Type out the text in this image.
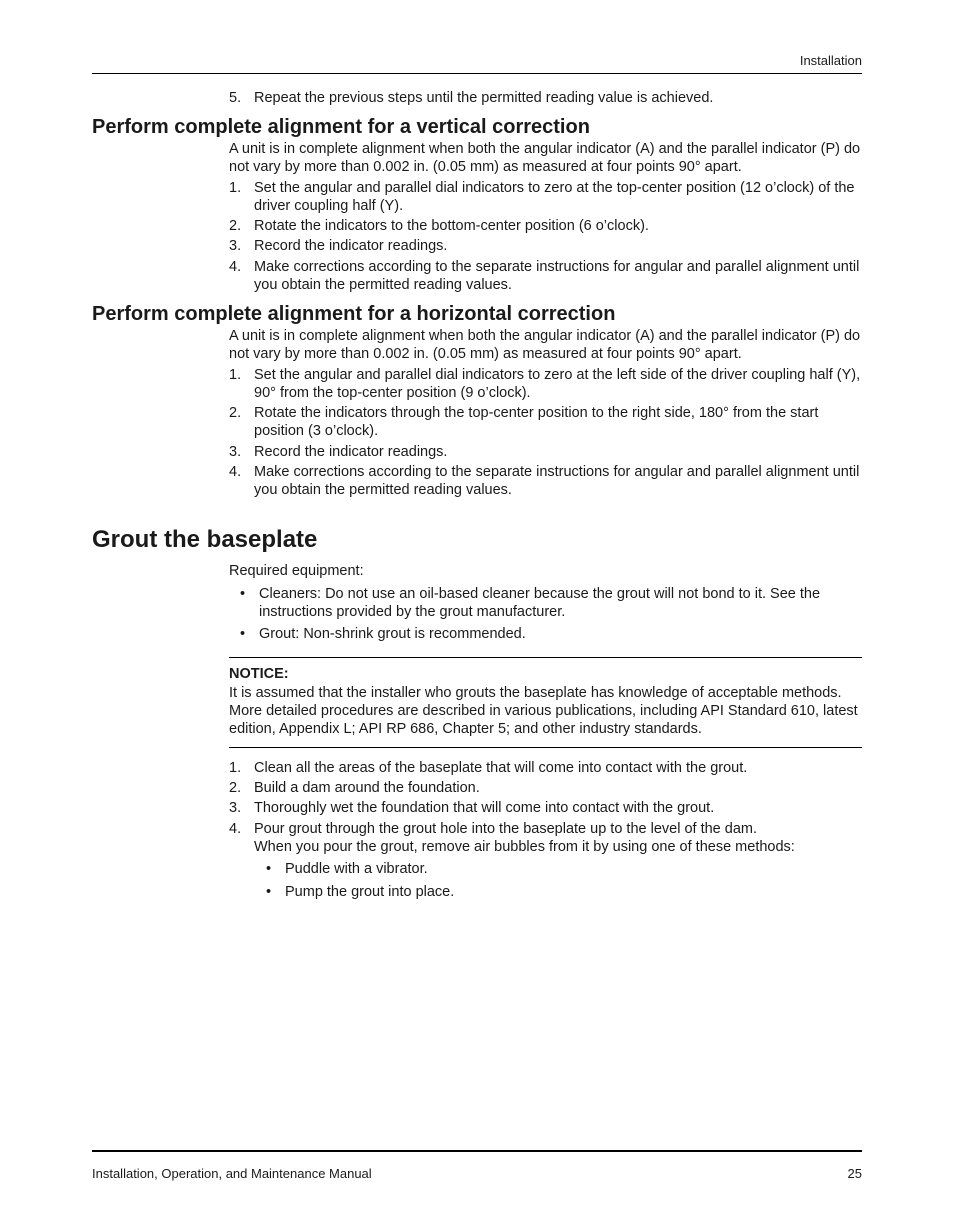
Installation
5. Repeat the previous steps until the permitted reading value is achieved.
Perform complete alignment for a vertical correction

A unit is in complete alignment when both the angular indicator (A) and the parallel indicator (P) do not vary by more than 0.002 in. (0.05 mm) as measured at four points 90° apart.

1. Set the angular and parallel dial indicators to zero at the top-center position (12 o’clock) of the driver coupling half (Y).
2. Rotate the indicators to the bottom-center position (6 o’clock).
3. Record the indicator readings.
4. Make corrections according to the separate instructions for angular and parallel alignment until you obtain the permitted reading values.
Perform complete alignment for a horizontal correction

A unit is in complete alignment when both the angular indicator (A) and the parallel indicator (P) do not vary by more than 0.002 in. (0.05 mm) as measured at four points 90° apart.

1. Set the angular and parallel dial indicators to zero at the left side of the driver coupling half (Y), 90° from the top-center position (9 o’clock).
2. Rotate the indicators through the top-center position to the right side, 180° from the start position (3 o’clock).
3. Record the indicator readings.
4. Make corrections according to the separate instructions for angular and parallel alignment until you obtain the permitted reading values.
Grout the baseplate
Required equipment:
• Cleaners: Do not use an oil-based cleaner because the grout will not bond to it. See the instructions provided by the grout manufacturer.
• Grout: Non-shrink grout is recommended.
NOTICE:
It is assumed that the installer who grouts the baseplate has knowledge of acceptable methods. More detailed procedures are described in various publications, including API Standard 610, latest edition, Appendix L; API RP 686, Chapter 5; and other industry standards.
1. Clean all the areas of the baseplate that will come into contact with the grout.
2. Build a dam around the foundation.
3. Thoroughly wet the foundation that will come into contact with the grout.
4. Pour grout through the grout hole into the baseplate up to the level of the dam.
When you pour the grout, remove air bubbles from it by using one of these methods:
• Puddle with a vibrator.
• Pump the grout into place.
Installation, Operation, and Maintenance Manual	25
